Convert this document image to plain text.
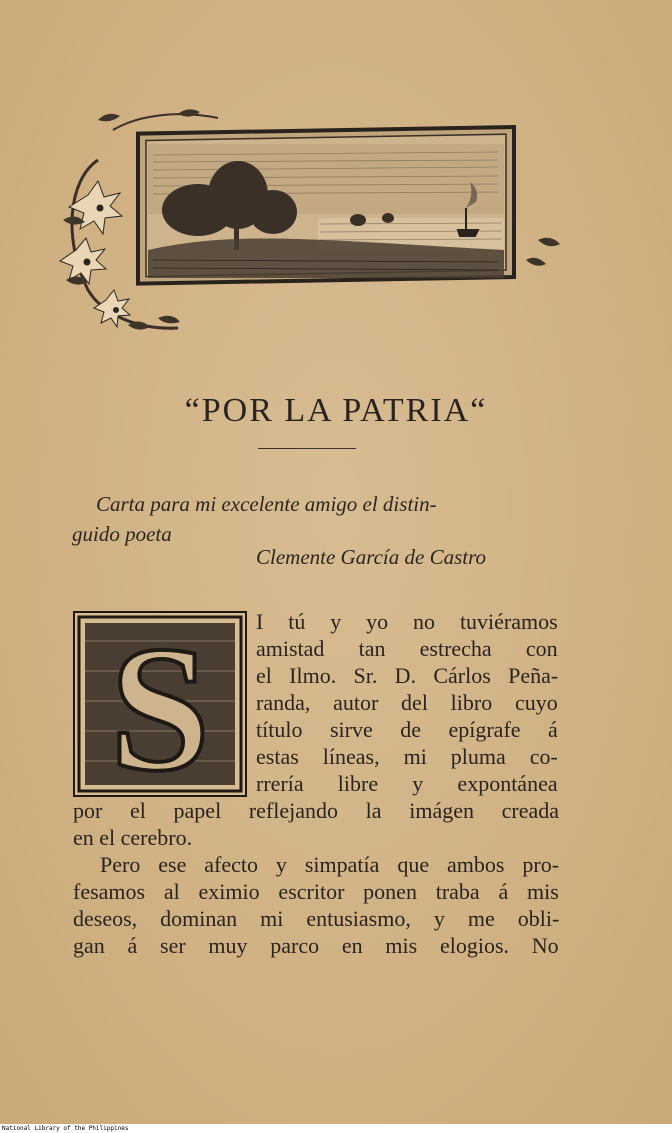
“POR LA PATRIA“
Carta para mi excelente amigo el distin-
guido poeta
Clemente García de Castro
S I tú y yo no tuviéramos
amistad tan estrecha con
el Ilmo. Sr. D. Cárlos Peña-
randa, autor del libro cuyo
título sirve de epígrafe á
estas líneas, mi pluma co-
rrería libre y expontánea
por el papel reflejando la imágen creada
en el cerebro.
Pero ese afecto y simpatía que ambos pro-
fesamos al eximio escritor ponen traba á mis
deseos, dominan mi entusiasmo, y me obli-
gan á ser muy parco en mis elogios. No
National Library of the Philippines
